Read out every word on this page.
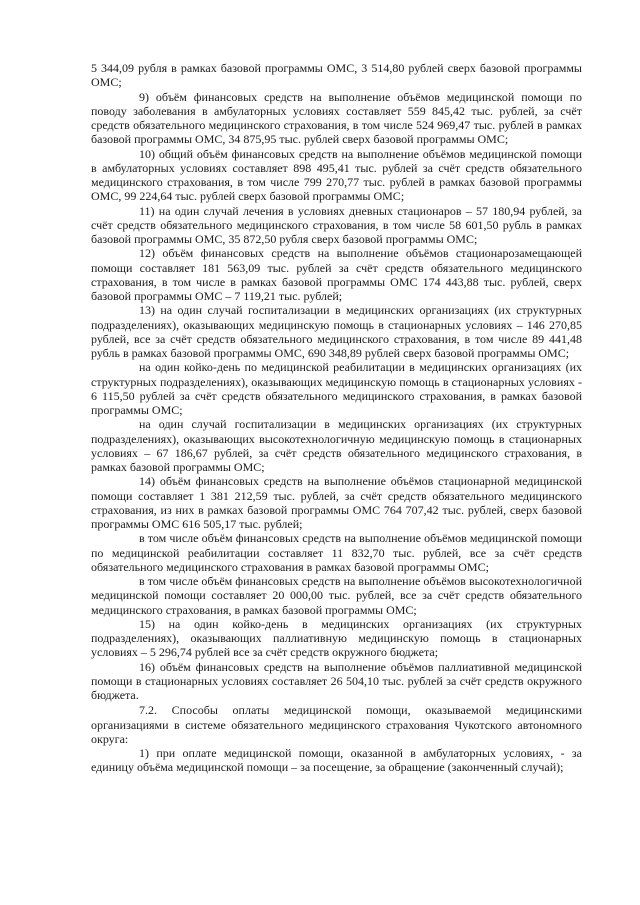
5 344,09 рубля в рамках базовой программы ОМС, 3 514,80 рублей сверх базовой программы ОМС;

9) объём финансовых средств на выполнение объёмов медицинской помощи по поводу заболевания в амбулаторных условиях составляет 559 845,42 тыс. рублей, за счёт средств обязательного медицинского страхования, в том числе 524 969,47 тыс. рублей в рамках базовой программы ОМС, 34 875,95 тыс. рублей сверх базовой программы ОМС;

10) общий объём финансовых средств на выполнение объёмов медицинской помощи в амбулаторных условиях составляет 898 495,41 тыс. рублей за счёт средств обязательного медицинского страхования, в том числе 799 270,77 тыс. рублей в рамках базовой программы ОМС, 99 224,64 тыс. рублей сверх базовой программы ОМС;

11) на один случай лечения в условиях дневных стационаров – 57 180,94 рублей, за счёт средств обязательного медицинского страхования, в том числе 58 601,50 рубль в рамках базовой программы ОМС, 35 872,50 рубля сверх базовой программы ОМС;

12) объём финансовых средств на выполнение объёмов стационарозамещающей помощи составляет 181 563,09 тыс. рублей за счёт средств обязательного медицинского страхования, в том числе в рамках базовой программы ОМС 174 443,88 тыс. рублей, сверх базовой программы ОМС – 7 119,21 тыс. рублей;

13) на один случай госпитализации в медицинских организациях (их структурных подразделениях), оказывающих медицинскую помощь в стационарных условиях – 146 270,85 рублей, все за счёт средств обязательного медицинского страхования, в том числе 89 441,48 рубль в рамках базовой программы ОМС, 690 348,89 рублей сверх базовой программы ОМС;

на один койко-день по медицинской реабилитации в медицинских организациях (их структурных подразделениях), оказывающих медицинскую помощь в стационарных условиях - 6 115,50 рублей за счёт средств обязательного медицинского страхования, в рамках базовой программы ОМС;

на один случай госпитализации в медицинских организациях (их структурных подразделениях), оказывающих высокотехнологичную медицинскую помощь в стационарных условиях – 67 186,67 рублей, за счёт средств обязательного медицинского страхования, в рамках базовой программы ОМС;

14) объём финансовых средств на выполнение объёмов стационарной медицинской помощи составляет 1 381 212,59 тыс. рублей, за счёт средств обязательного медицинского страхования, из них в рамках базовой программы ОМС 764 707,42 тыс. рублей, сверх базовой программы ОМС 616 505,17 тыс. рублей;

в том числе объём финансовых средств на выполнение объёмов медицинской помощи по медицинской реабилитации составляет 11 832,70 тыс. рублей, все за счёт средств обязательного медицинского страхования в рамках базовой программы ОМС;

в том числе объём финансовых средств на выполнение объёмов высокотехнологичной медицинской помощи составляет 20 000,00 тыс. рублей, все за счёт средств обязательного медицинского страхования, в рамках базовой программы ОМС;

15) на один койко-день в медицинских организациях (их структурных подразделениях), оказывающих паллиативную медицинскую помощь в стационарных условиях – 5 296,74 рублей все за счёт средств окружного бюджета;

16) объём финансовых средств на выполнение объёмов паллиативной медицинской помощи в стационарных условиях составляет 26 504,10 тыс. рублей за счёт средств окружного бюджета.

7.2. Способы оплаты медицинской помощи, оказываемой медицинскими организациями в системе обязательного медицинского страхования Чукотского автономного округа:

1) при оплате медицинской помощи, оказанной в амбулаторных условиях, - за единицу объёма медицинской помощи – за посещение, за обращение (законченный случай);
